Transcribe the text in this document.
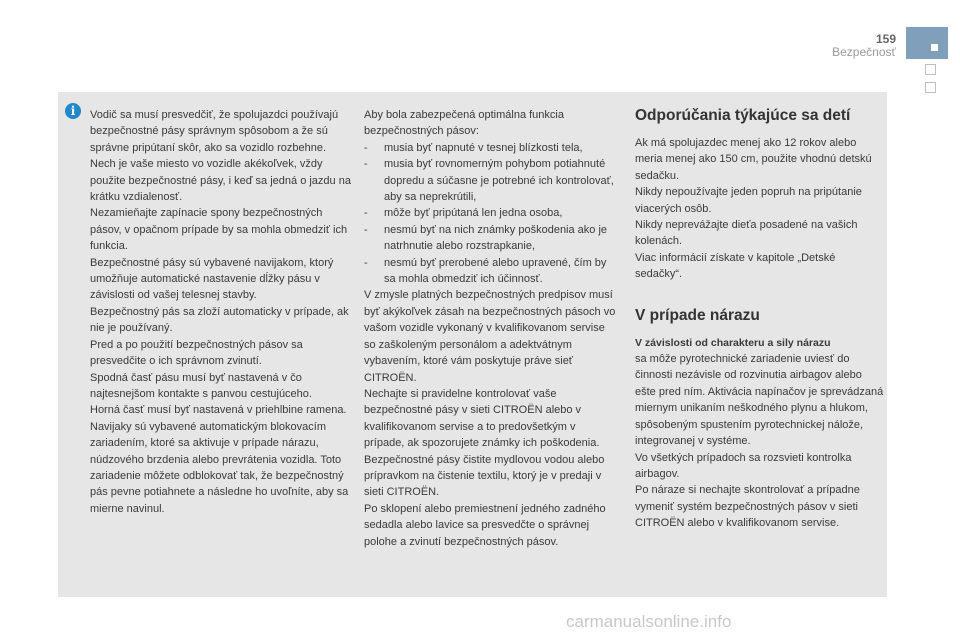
159
Bezpečnosť
i	Vodič sa musí presvedčiť, že spolujazdci používajú bezpečnostné pásy správnym spôsobom a že sú správne pripútaní skôr, ako sa vozidlo rozbehne.

Nech je vaše miesto vo vozidle akékoľvek, vždy použite bezpečnostné pásy, i keď sa jedná o jazdu na krátku vzdialenosť.

Nezamieňajte zapínacie spony bezpečnostných pásov, v opačnom prípade by sa mohla obmedziť ich funkcia.

Bezpečnostné pásy sú vybavené navijakom, ktorý umožňuje automatické nastavenie dĺžky pásu v závislosti od vašej telesnej stavby.

Bezpečnostný pás sa zloží automaticky v prípade, ak nie je používaný.

Pred a po použití bezpečnostných pásov sa presvedčite o ich správnom zvinutí.

Spodná časť pásu musí byť nastavená v čo najtesnejšom kontakte s panvou cestujúceho.

Horná časť musí byť nastavená v priehlbine ramena.

Navijaky sú vybavené automatickým blokovacím zariadením, ktoré sa aktivuje v prípade nárazu, núdzového brzdenia alebo prevrátenia vozidla. Toto zariadenie môžete odblokovať tak, že bezpečnostný pás pevne potiahnete a následne ho uvoľníte, aby sa mierne navinul.

Aby bola zabezpečená optimálna funkcia bezpečnostných pásov:

- musia byť napnuté v tesnej blízkosti tela,
- musia byť rovnomerným pohybom potiahnuté dopredu a súčasne je potrebné ich kontrolovať, aby sa neprekrútili,
- môže byť pripútaná len jedna osoba,
- nesmú byť na nich známky poškodenia ako je natrhnutie alebo rozstrapkanie,
- nesmú byť prerobené alebo upravené, čím by sa mohla obmedziť ich účinnosť.

V zmysle platných bezpečnostných predpisov musí byť akýkoľvek zásah na bezpečnostných pásoch vo vašom vozidle vykonaný v kvalifikovanom servise so zaškoleným personálom a adektvátnym vybavením, ktoré vám poskytuje práve sieť CITROËN.

Nechajte si pravidelne kontrolovať vaše bezpečnostné pásy v sieti CITROËN alebo v kvalifikovanom servise a to predovšetkým v prípade, ak spozorujete známky ich poškodenia.

Bezpečnostné pásy čistite mydlovou vodou alebo prípravkom na čistenie textilu, ktorý je v predaji v sieti CITROËN.

Po sklopení alebo premiestnení jedného zadného sedadla alebo lavice sa presvedčte o správnej polohe a zvinutí bezpečnostných pásov.

Odporúčania týkajúce sa detí

Ak má spolujazdec menej ako 12 rokov alebo meria menej ako 150 cm, použite vhodnú detskú sedačku.

Nikdy nepoužívajte jeden popruh na pripútanie viacerých osôb.

Nikdy neprevážajte dieťa posadené na vašich kolenách.

Viac informácií získate v kapitole „Detské sedačky“.

V prípade nárazu

V závislosti od charakteru a sily nárazu

sa môže pyrotechnické zariadenie uviesť do činnosti nezávisle od rozvinutia airbagov alebo ešte pred ním. Aktivácia napínačov je sprevádzaná miernym unikaním neškodného plynu a hlukom, spôsobeným spustením pyrotechnickej nálože, integrovanej v systéme.

Vo všetkých prípadoch sa rozsvieti kontrolka airbagov.

Po náraze si nechajte skontrolovať a prípadne vymeniť systém bezpečnostných pásov v sieti CITROËN alebo v kvalifikovanom servise.

carmanualsonline.info
